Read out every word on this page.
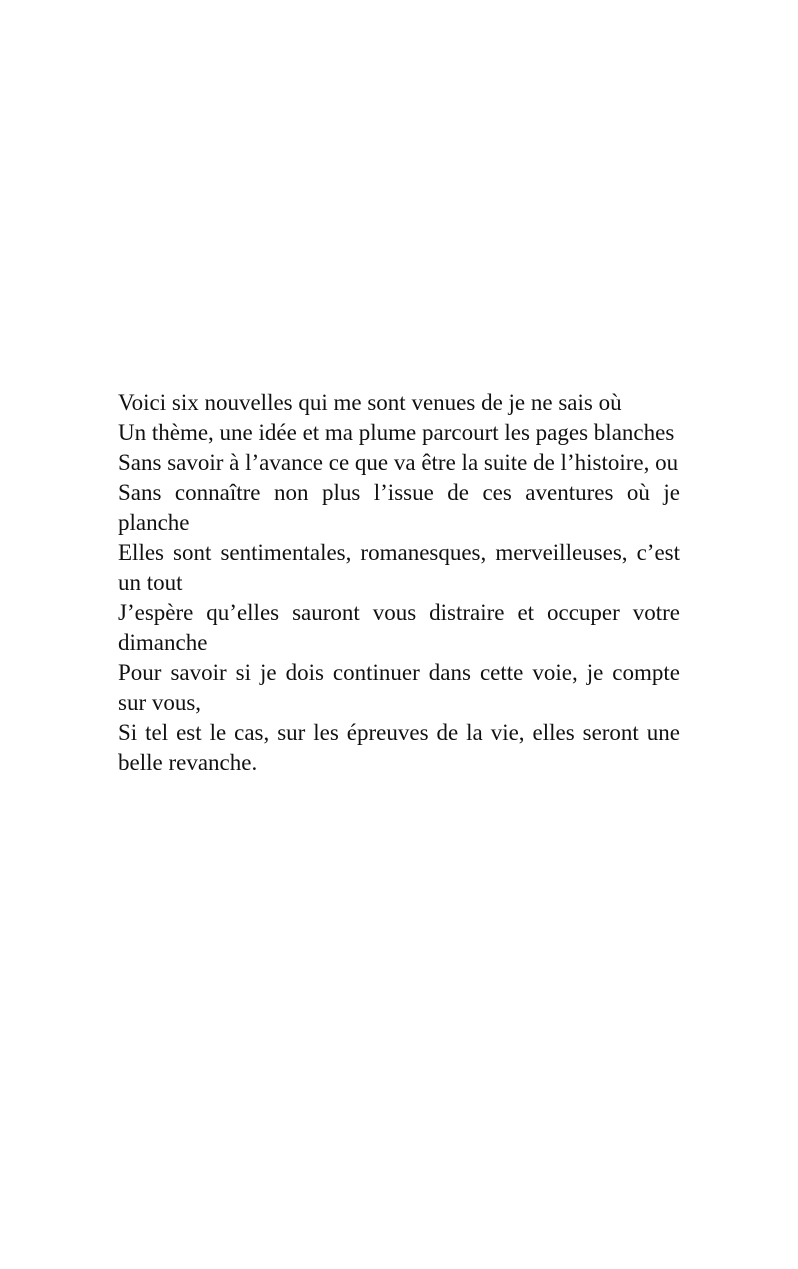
Voici six nouvelles qui me sont venues de je ne sais où

Un thème, une idée et ma plume parcourt les pages blanches

Sans savoir à l’avance ce que va être la suite de l’histoire, ou

Sans connaître non plus l’issue de ces aventures où je planche

Elles sont sentimentales, romanesques, merveilleuses, c’est un tout

J’espère qu’elles sauront vous distraire et occuper votre dimanche

Pour savoir si je dois continuer dans cette voie, je compte sur vous,

Si tel est le cas, sur les épreuves de la vie, elles seront une belle revanche.
